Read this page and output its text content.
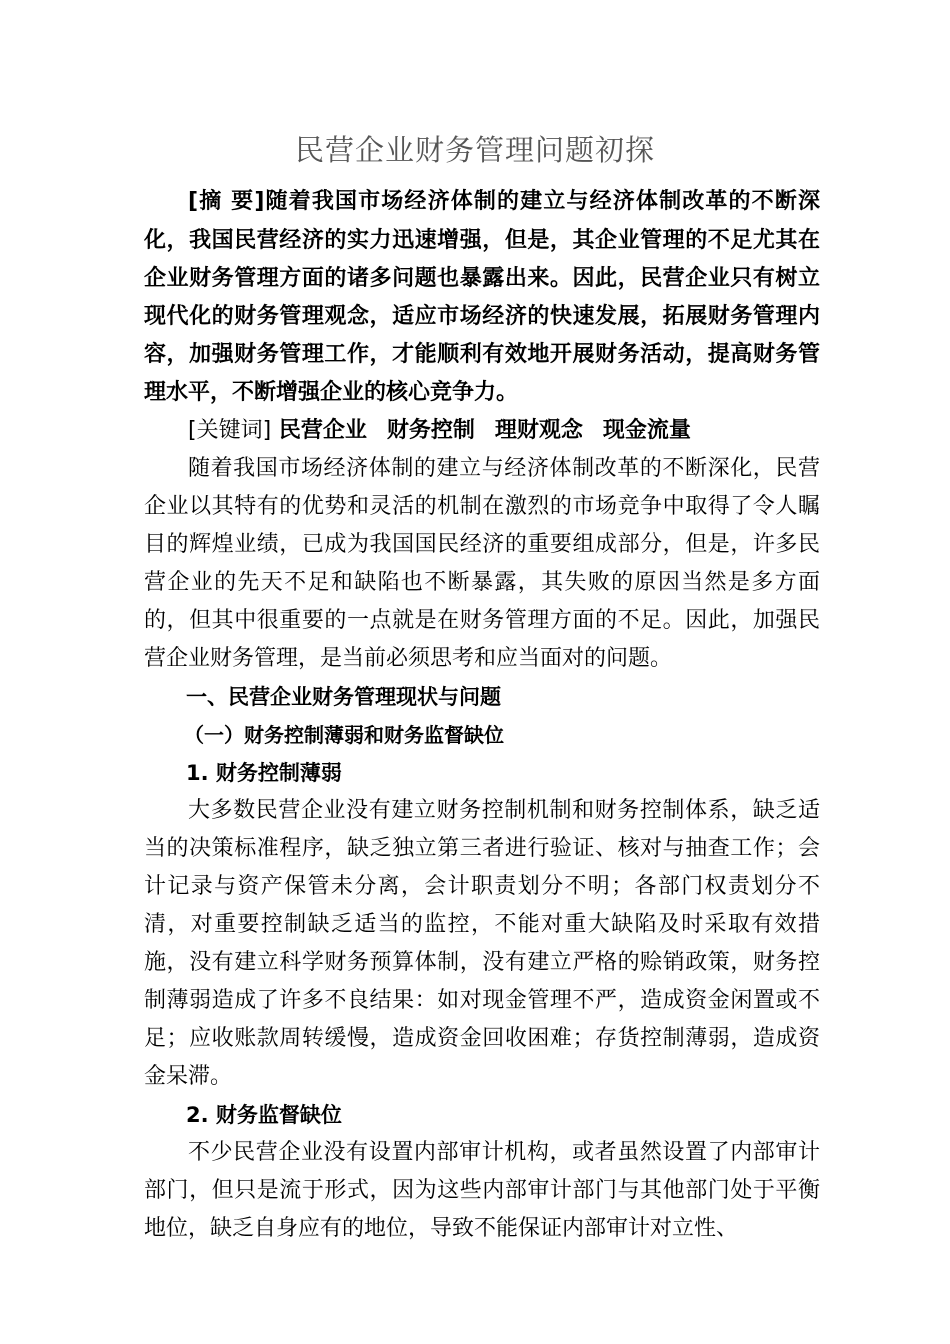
民营企业财务管理问题初探

[摘 要]随着我国市场经济体制的建立与经济体制改革的不断深化，我国民营经济的实力迅速增强，但是，其企业管理的不足尤其在企业财务管理方面的诸多问题也暴露出来。因此，民营企业只有树立现代化的财务管理观念，适应市场经济的快速发展，拓展财务管理内容，加强财务管理工作，才能顺利有效地开展财务活动，提高财务管理水平，不断增强企业的核心竞争力。

[关键词] 民营企业 财务控制 理财观念 现金流量

随着我国市场经济体制的建立与经济体制改革的不断深化，民营企业以其特有的优势和灵活的机制在激烈的市场竞争中取得了令人瞩目的辉煌业绩，已成为我国国民经济的重要组成部分，但是，许多民营企业的先天不足和缺陷也不断暴露，其失败的原因当然是多方面的，但其中很重要的一点就是在财务管理方面的不足。因此，加强民营企业财务管理，是当前必须思考和应当面对的问题。

一、民营企业财务管理现状与问题

（一）财务控制薄弱和财务监督缺位

1. 财务控制薄弱

大多数民营企业没有建立财务控制机制和财务控制体系，缺乏适当的决策标准程序，缺乏独立第三者进行验证、核对与抽查工作；会计记录与资产保管未分离，会计职责划分不明；各部门权责划分不清，对重要控制缺乏适当的监控，不能对重大缺陷及时采取有效措施，没有建立科学财务预算体制，没有建立严格的赊销政策，财务控制薄弱造成了许多不良结果：如对现金管理不严，造成资金闲置或不足；应收账款周转缓慢，造成资金回收困难；存货控制薄弱，造成资金呆滞。

2. 财务监督缺位

不少民营企业没有设置内部审计机构，或者虽然设置了内部审计部门，但只是流于形式，因为这些内部审计部门与其他部门处于平衡地位，缺乏自身应有的地位，导致不能保证内部审计对立性、
